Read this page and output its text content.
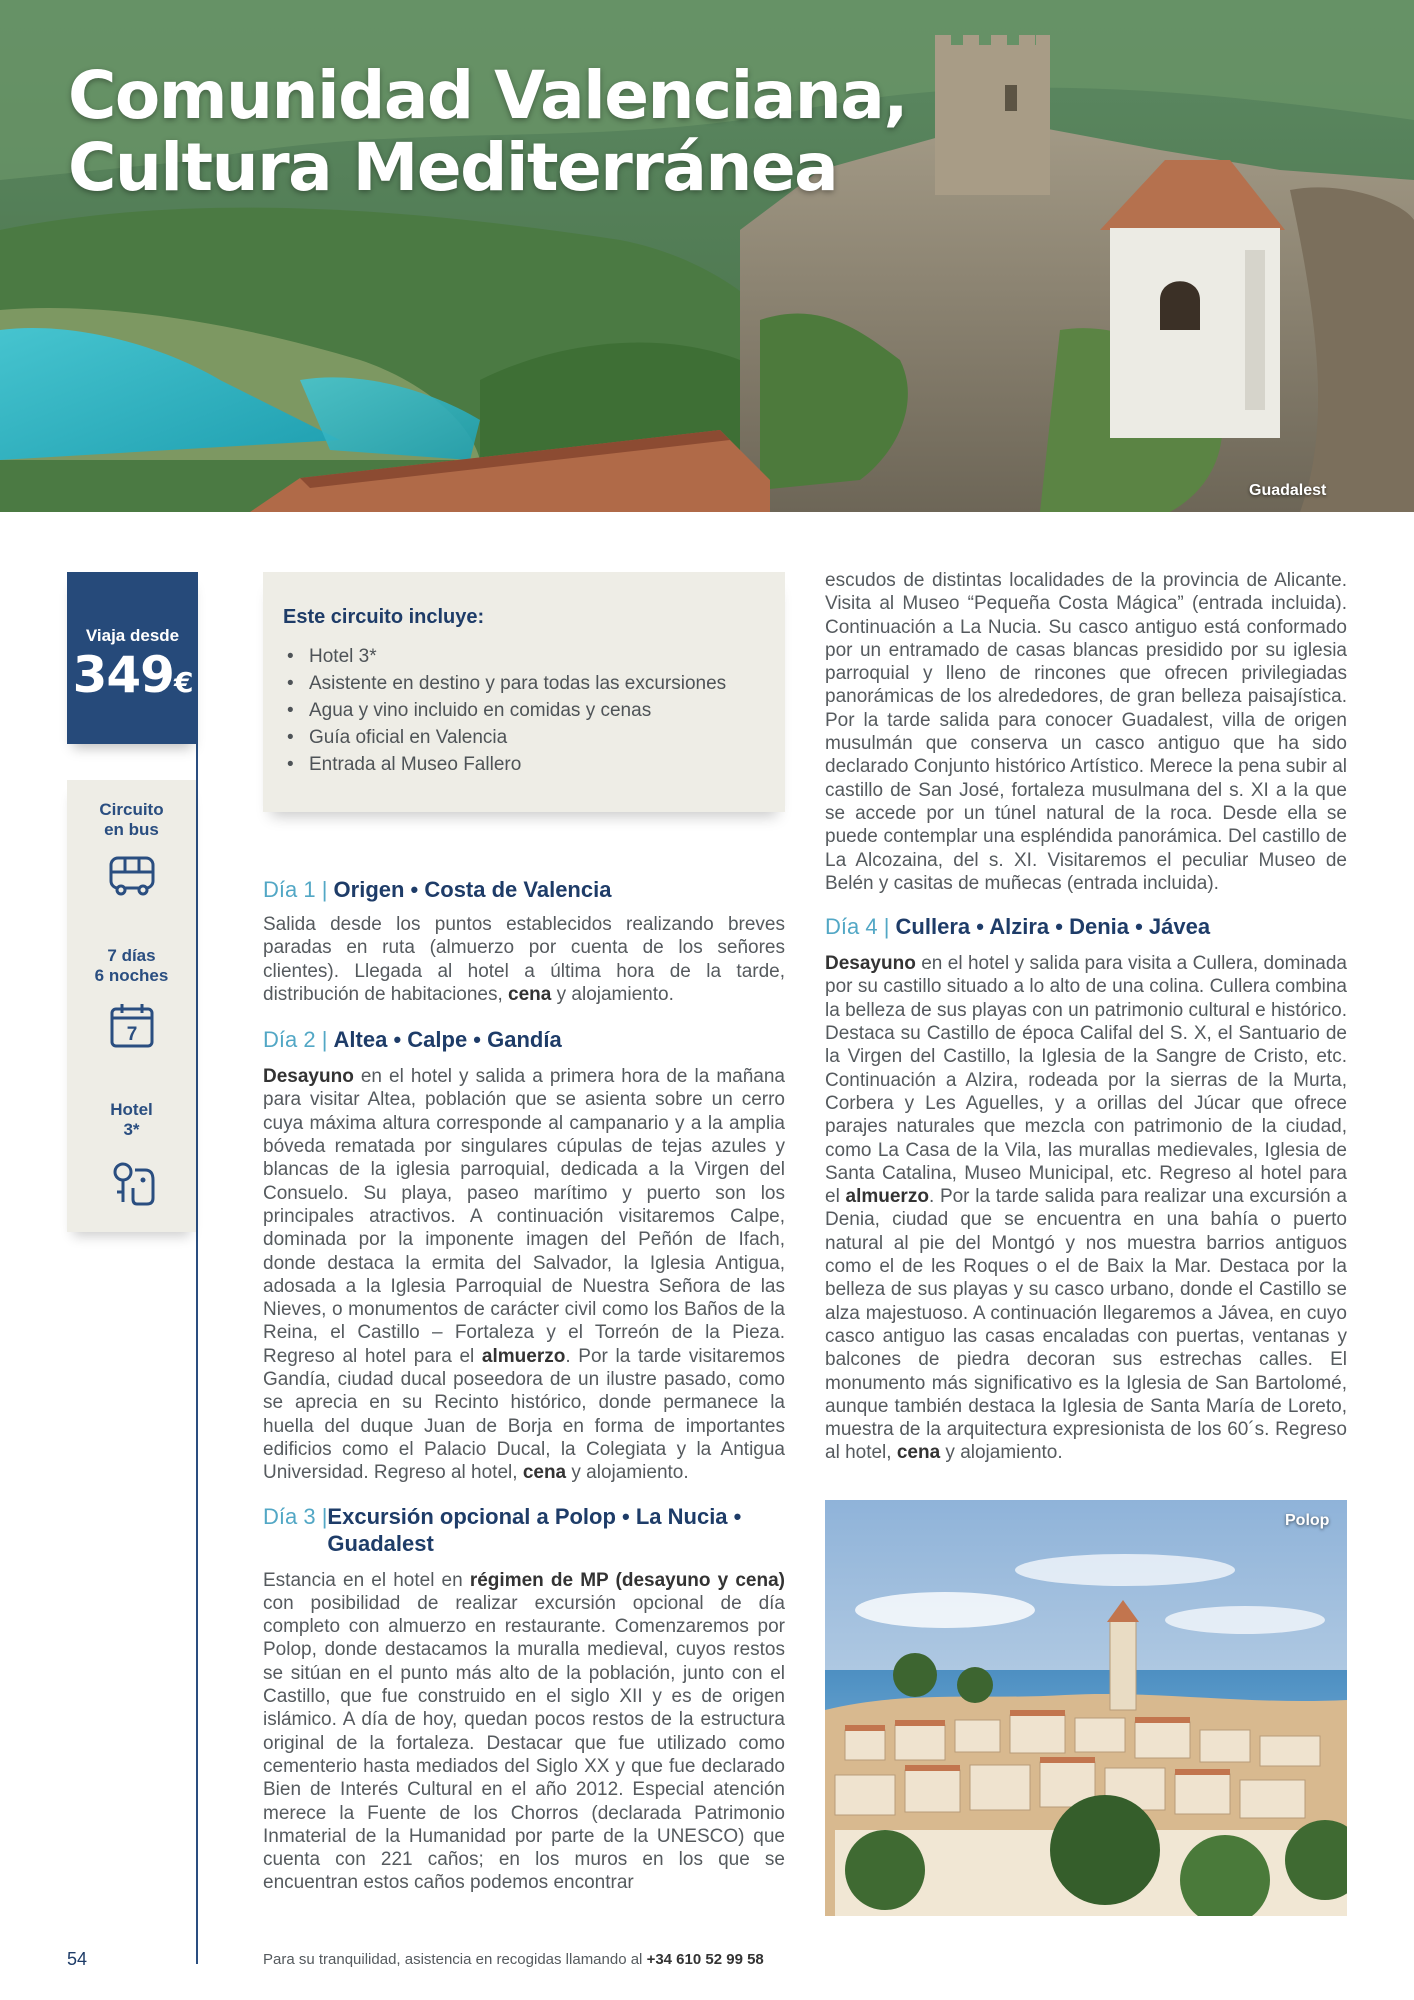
Comunidad Valenciana,
Cultura Mediterránea
Guadalest
Viaja desde
349€
Circuito
en bus
7 días
6 noches
7
Hotel
3*
Este circuito incluye:
• Hotel 3*
• Asistente en destino y para todas las excursiones
• Agua y vino incluido en comidas y cenas
• Guía oficial en Valencia
• Entrada al Museo Fallero
Día 1 | Origen • Costa de Valencia

Salida desde los puntos establecidos realizando breves paradas en ruta (almuerzo por cuenta de los señores clientes). Llegada al hotel a última hora de la tarde, distribución de habitaciones, cena y alojamiento.

Día 2 | Altea • Calpe • Gandía

Desayuno en el hotel y salida a primera hora de la mañana para visitar Altea, población que se asienta sobre un cerro cuya máxima altura corresponde al campanario y a la amplia bóveda rematada por singulares cúpulas de tejas azules y blancas de la iglesia parroquial, dedicada a la Virgen del Consuelo. Su playa, paseo marítimo y puerto son los principales atractivos. A continuación visitaremos Calpe, dominada por la imponente imagen del Peñón de Ifach, donde destaca la ermita del Salvador, la Iglesia Antigua, adosada a la Iglesia Parroquial de Nuestra Señora de las Nieves, o monumentos de carácter civil como los Baños de la Reina, el Castillo – Fortaleza y el Torreón de la Pieza. Regreso al hotel para el almuerzo. Por la tarde visitaremos Gandía, ciudad ducal poseedora de un ilustre pasado, como se aprecia en su Recinto histórico, donde permanece la huella del duque Juan de Borja en forma de importantes edificios como el Palacio Ducal, la Colegiata y la Antigua Universidad. Regreso al hotel, cena y alojamiento.

Día 3 | Excursión opcional a Polop • La Nucia •
Guadalest

Estancia en el hotel en régimen de MP (desayuno y cena) con posibilidad de realizar excursión opcional de día completo con almuerzo en restaurante. Comenzaremos por Polop, donde destacamos la muralla medieval, cuyos restos se sitúan en el punto más alto de la población, junto con el Castillo, que fue construido en el siglo XII y es de origen islámico. A día de hoy, quedan pocos restos de la estructura original de la fortaleza. Destacar que fue utilizado como cementerio hasta mediados del Siglo XX y que fue declarado Bien de Interés Cultural en el año 2012. Especial atención merece la Fuente de los Chorros (declarada Patrimonio Inmaterial de la Humanidad por parte de la UNESCO) que cuenta con 221 caños; en los muros en los que se encuentran estos caños podemos encontrar

escudos de distintas localidades de la provincia de Alicante. Visita al Museo “Pequeña Costa Mágica” (entrada incluida). Continuación a La Nucia. Su casco antiguo está conformado por un entramado de casas blancas presidido por su iglesia parroquial y lleno de rincones que ofrecen privilegiadas panorámicas de los alrededores, de gran belleza paisajística. Por la tarde salida para conocer Guadalest, villa de origen musulmán que conserva un casco antiguo que ha sido declarado Conjunto histórico Artístico. Merece la pena subir al castillo de San José, fortaleza musulmana del s. XI a la que se accede por un túnel natural de la roca. Desde ella se puede contemplar una espléndida panorámica. Del castillo de La Alcozaina, del s. XI. Visitaremos el peculiar Museo de Belén y casitas de muñecas (entrada incluida).

Día 4 | Cullera • Alzira • Denia • Jávea

Desayuno en el hotel y salida para visita a Cullera, dominada por su castillo situado a lo alto de una colina. Cullera combina la belleza de sus playas con un patrimonio cultural e histórico. Destaca su Castillo de época Califal del S. X, el Santuario de la Virgen del Castillo, la Iglesia de la Sangre de Cristo, etc. Continuación a Alzira, rodeada por la sierras de la Murta, Corbera y Les Aguelles, y a orillas del Júcar que ofrece parajes naturales que mezcla con patrimonio de la ciudad, como La Casa de la Vila, las murallas medievales, Iglesia de Santa Catalina, Museo Municipal, etc. Regreso al hotel para el almuerzo. Por la tarde salida para realizar una excursión a Denia, ciudad que se encuentra en una bahía o puerto natural al pie del Montgó y nos muestra barrios antiguos como el de les Roques o el de Baix la Mar. Destaca por la belleza de sus playas y su casco urbano, donde el Castillo se alza majestuoso. A continuación llegaremos a Jávea, en cuyo casco antiguo las casas encaladas con puertas, ventanas y balcones de piedra decoran sus estrechas calles. El monumento más significativo es la Iglesia de San Bartolomé, aunque también destaca la Iglesia de Santa María de Loreto, muestra de la arquitectura expresionista de los 60´s. Regreso al hotel, cena y alojamiento.

Polop
54	Para su tranquilidad, asistencia en recogidas llamando al +34 610 52 99 58
